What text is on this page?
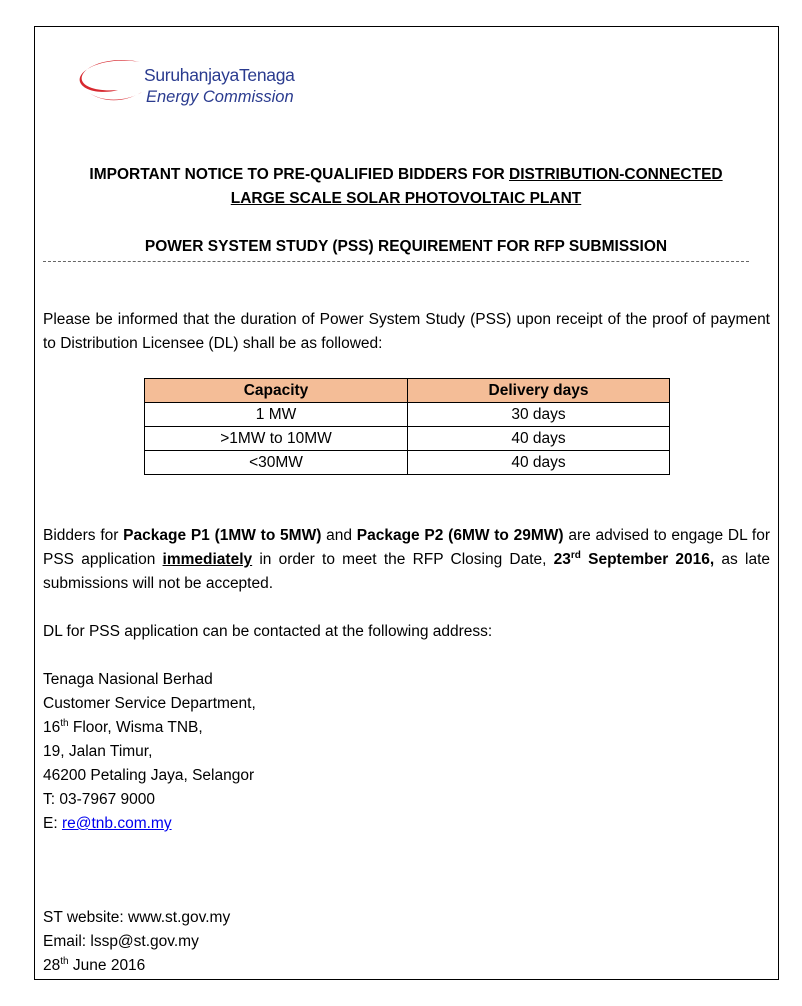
SuruhanjayaTenaga
Energy Commission
IMPORTANT NOTICE TO PRE-QUALIFIED BIDDERS FOR DISTRIBUTION-CONNECTED
LARGE SCALE SOLAR PHOTOVOLTAIC PLANT
POWER SYSTEM STUDY (PSS) REQUIREMENT FOR RFP SUBMISSION
Please be informed that the duration of Power System Study (PSS) upon receipt of the proof of payment to Distribution Licensee (DL) shall be as followed:
Capacity	Delivery days
1 MW	30 days
>1MW to 10MW	40 days
<30MW	40 days
Bidders for Package P1 (1MW to 5MW) and Package P2 (6MW to 29MW) are advised to engage DL for PSS application immediately in order to meet the RFP Closing Date, 23rd September 2016, as late submissions will not be accepted.
DL for PSS application can be contacted at the following address:
Tenaga Nasional Berhad
Customer Service Department,
16th Floor, Wisma TNB,
19, Jalan Timur,
46200 Petaling Jaya, Selangor
T: 03-7967 9000
E: re@tnb.com.my
ST website: www.st.gov.my
Email: lssp@st.gov.my
28th June 2016
